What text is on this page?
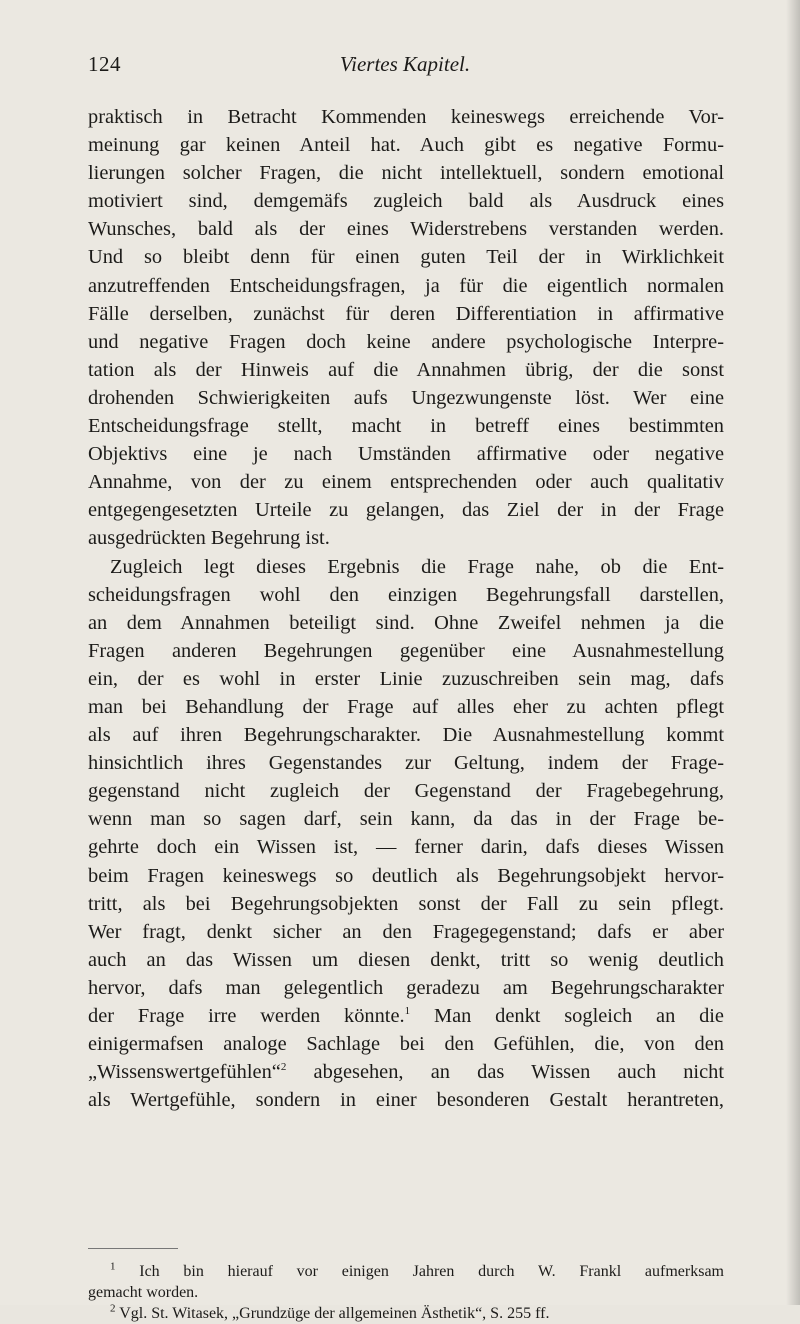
124	Viertes Kapitel.
praktisch in Betracht Kommenden keineswegs erreichende Vor-
meinung gar keinen Anteil hat. Auch gibt es negative Formu-
lierungen solcher Fragen, die nicht intellektuell, sondern emotional
motiviert sind, demgemäfs zugleich bald als Ausdruck eines
Wunsches, bald als der eines Widerstrebens verstanden werden.
Und so bleibt denn für einen guten Teil der in Wirklichkeit
anzutreffenden Entscheidungsfragen, ja für die eigentlich normalen
Fälle derselben, zunächst für deren Differentiation in affirmative
und negative Fragen doch keine andere psychologische Interpre-
tation als der Hinweis auf die Annahmen übrig, der die sonst
drohenden Schwierigkeiten aufs Ungezwungenste löst. Wer eine
Entscheidungsfrage stellt, macht in betreff eines bestimmten
Objektivs eine je nach Umständen affirmative oder negative
Annahme, von der zu einem entsprechenden oder auch qualitativ
entgegengesetzten Urteile zu gelangen, das Ziel der in der Frage
ausgedrückten Begehrung ist.
Zugleich legt dieses Ergebnis die Frage nahe, ob die Ent-
scheidungsfragen wohl den einzigen Begehrungsfall darstellen,
an dem Annahmen beteiligt sind. Ohne Zweifel nehmen ja die
Fragen anderen Begehrungen gegenüber eine Ausnahmestellung
ein, der es wohl in erster Linie zuzuschreiben sein mag, dafs
man bei Behandlung der Frage auf alles eher zu achten pflegt
als auf ihren Begehrungscharakter. Die Ausnahmestellung kommt
hinsichtlich ihres Gegenstandes zur Geltung, indem der Frage-
gegenstand nicht zugleich der Gegenstand der Fragebegehrung,
wenn man so sagen darf, sein kann, da das in der Frage be-
gehrte doch ein Wissen ist, — ferner darin, dafs dieses Wissen
beim Fragen keineswegs so deutlich als Begehrungsobjekt hervor-
tritt, als bei Begehrungsobjekten sonst der Fall zu sein pflegt.
Wer fragt, denkt sicher an den Fragegegenstand; dafs er aber
auch an das Wissen um diesen denkt, tritt so wenig deutlich
hervor, dafs man gelegentlich geradezu am Begehrungscharakter
der Frage irre werden könnte.$^1$ Man denkt sogleich an die
einigermafsen analoge Sachlage bei den Gefühlen, die, von den
„Wissenswertgefühlen“$^2$ abgesehen, an das Wissen auch nicht
als Wertgefühle, sondern in einer besonderen Gestalt herantreten,
$^1$ Ich bin hierauf vor einigen Jahren durch W. Frankl aufmerksam
gemacht worden.
$^2$ Vgl. St. Witasek, „Grundzüge der allgemeinen Ästhetik“, S. 255 ff.
